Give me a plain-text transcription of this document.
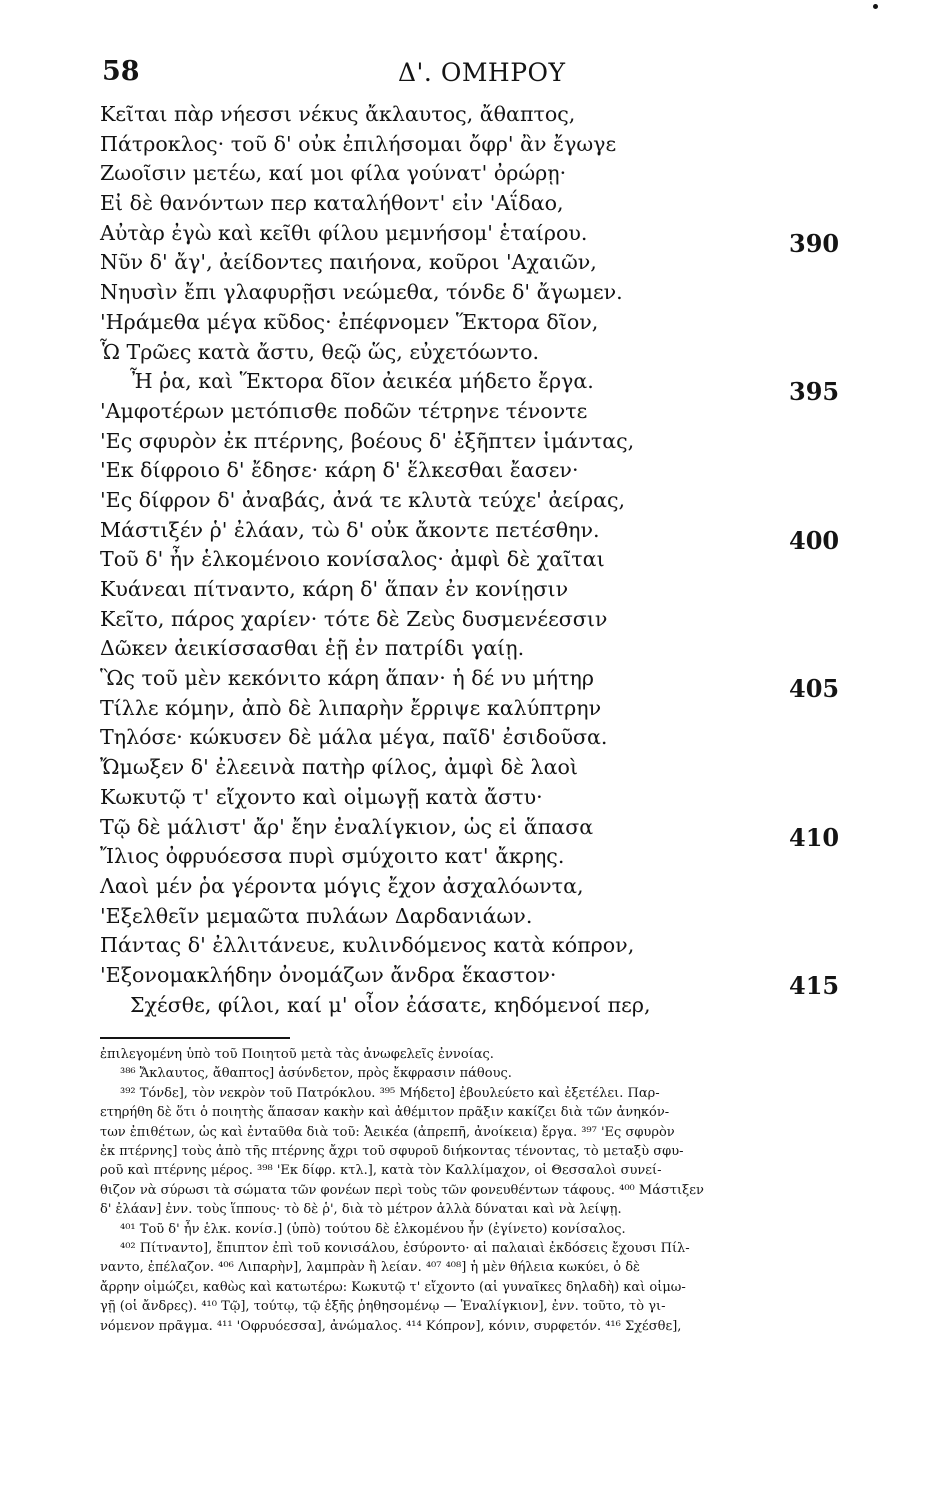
58	Δ'. ΟΜΗΡΟΥ
Κεῖται πὰρ νήεσσι νέκυς ἄκλαυτος, ἄθαπτος,
Πάτροκλος· τοῦ δ' οὐκ ἐπιλήσομαι ὄφρ' ἂν ἔγωγε
Ζωοῖσιν μετέω, καί μοι φίλα γούνατ' ὀρώρῃ·
Εἰ δὲ θανόντων περ καταλήθοντ' εἰν 'Αΐδαο,
Αὐτὰρ ἐγὼ καὶ κεῖθι φίλου μεμνήσομ' ἑταίρου.	390
Νῦν δ' ἄγ', ἀείδοντες παιήονα, κοῦροι 'Αχαιῶν,
Νηυσὶν ἔπι γλαφυρῇσι νεώμεθα, τόνδε δ' ἄγωμεν.
'Ηράμεθα μέγα κῦδος· ἐπέφνομεν Ἕκτορα δῖον,
Ὧ Τρῶες κατὰ ἄστυ, θεῷ ὥς, εὐχετόωντο.
Ἦ ῥα, καὶ Ἕκτορα δῖον ἀεικέα μήδετο ἔργα.	395
'Αμφοτέρων μετόπισθε ποδῶν τέτρηνε τένοντε
'Ες σφυρὸν ἐκ πτέρνης, βοέους δ' ἐξῆπτεν ἱμάντας,
'Εκ δίφροιο δ' ἔδησε· κάρη δ' ἕλκεσθαι ἔασεν·
'Ες δίφρον δ' ἀναβάς, ἀνά τε κλυτὰ τεύχε' ἀείρας,
Μάστιξέν ῥ' ἐλάαν, τὼ δ' οὐκ ἄκοντε πετέσθην.	400
Τοῦ δ' ἦν ἑλκομένοιο κονίσαλος· ἀμφὶ δὲ χαῖται
Κυάνεαι πίτναντο, κάρη δ' ἅπαν ἐν κονίῃσιν
Κεῖτο, πάρος χαρίεν· τότε δὲ Ζεὺς δυσμενέεσσιν
Δῶκεν ἀεικίσσασθαι ἑῇ ἐν πατρίδι γαίῃ.
Ὣς τοῦ μὲν κεκόνιτο κάρη ἅπαν· ἡ δέ νυ μήτηρ	405
Τίλλε κόμην, ἀπὸ δὲ λιπαρὴν ἔρριψε καλύπτρην
Τηλόσε· κώκυσεν δὲ μάλα μέγα, παῖδ' ἐσιδοῦσα.
Ὤμωξεν δ' ἐλεεινὰ πατὴρ φίλος, ἀμφὶ δὲ λαοὶ
Κωκυτῷ τ' εἴχοντο καὶ οἰμωγῇ κατὰ ἄστυ·
Τῷ δὲ μάλιστ' ἄρ' ἔην ἐναλίγκιον, ὡς εἰ ἅπασα	410
Ἴλιος ὀφρυόεσσα πυρὶ σμύχοιτο κατ' ἄκρης.
Λαοὶ μέν ῥα γέροντα μόγις ἔχον ἀσχαλόωντα,
'Εξελθεῖν μεμαῶτα πυλάων Δαρδανιάων.
Πάντας δ' ἐλλιτάνευε, κυλινδόμενος κατὰ κόπρον,
'Εξονομακλήδην ὀνομάζων ἄνδρα ἕκαστον·	415
Σχέσθε, φίλοι, καί μ' οἶον ἐάσατε, κηδόμενοί περ,
ἐπιλεγομένη ὑπὸ τοῦ Ποιητοῦ μετὰ τὰς ἀνωφελεῖς ἐννοίας.
³⁸⁶ Ἄκλαυτος, ἄθαπτος] ἀσύνδετον, πρὸς ἔκφρασιν πάθους.
³⁹² Τόνδε], τὸν νεκρὸν τοῦ Πατρόκλου. ³⁹⁵ Μήδετο] ἐβουλεύετο καὶ ἐξετέλει. Παρ-
ετηρήθη δὲ ὅτι ὁ ποιητὴς ἅπασαν κακὴν καὶ ἀθέμιτον πρᾶξιν κακίζει διὰ τῶν ἀνηκόν-
των ἐπιθέτων, ὡς καὶ ἐνταῦθα διὰ τοῦ: Ἀεικέα (ἀπρεπῆ, ἀνοίκεια) ἔργα. ³⁹⁷ 'Ες σφυρὸν
ἐκ πτέρνης] τοὺς ἀπὸ τῆς πτέρνης ἄχρι τοῦ σφυροῦ διήκοντας τένοντας, τὸ μεταξὺ σφυ-
ροῦ καὶ πτέρνης μέρος. ³⁹⁸ 'Εκ δίφρ. κτλ.], κατὰ τὸν Καλλίμαχον, οἱ Θεσσαλοὶ συνεί-
θιζον νὰ σύρωσι τὰ σώματα τῶν φονέων περὶ τοὺς τῶν φονευθέντων τάφους. ⁴⁰⁰ Μάστιξεν
δ' ἐλάαν] ἐνν. τοὺς ἵππους· τὸ δὲ ῥ', διὰ τὸ μέτρον ἀλλὰ δύναται καὶ νὰ λείψῃ.
⁴⁰¹ Τοῦ δ' ἦν ἑλκ. κονίσ.] (ὑπὸ) τούτου δὲ ἑλκομένου ἦν (ἐγίνετο) κονίσαλος.
⁴⁰² Πίτναντο], ἔπιπτον ἐπὶ τοῦ κονισάλου, ἐσύροντο· αἱ παλαιαὶ ἐκδόσεις ἔχουσι Πίλ-
ναντο, ἐπέλαζον. ⁴⁰⁶ Λιπαρὴν], λαμπρὰν ἢ λείαν. ⁴⁰⁷ ⁴⁰⁸] ἡ μὲν θήλεια κωκύει, ὁ δὲ
ἄρρην οἰμώζει, καθὼς καὶ κατωτέρω: Κωκυτῷ τ' εἴχοντο (αἱ γυναῖκες δηλαδὴ) καὶ οἰμω-
γῇ (οἱ ἄνδρες). ⁴¹⁰ Τῷ], τούτῳ, τῷ ἑξῆς ῥηθησομένῳ — Ἐναλίγκιον], ἐνν. τοῦτο, τὸ γι-
νόμενον πρᾶγμα. ⁴¹¹ 'Οφρυόεσσα], ἀνώμαλος. ⁴¹⁴ Κόπρον], κόνιν, συρφετόν. ⁴¹⁶ Σχέσθε],
